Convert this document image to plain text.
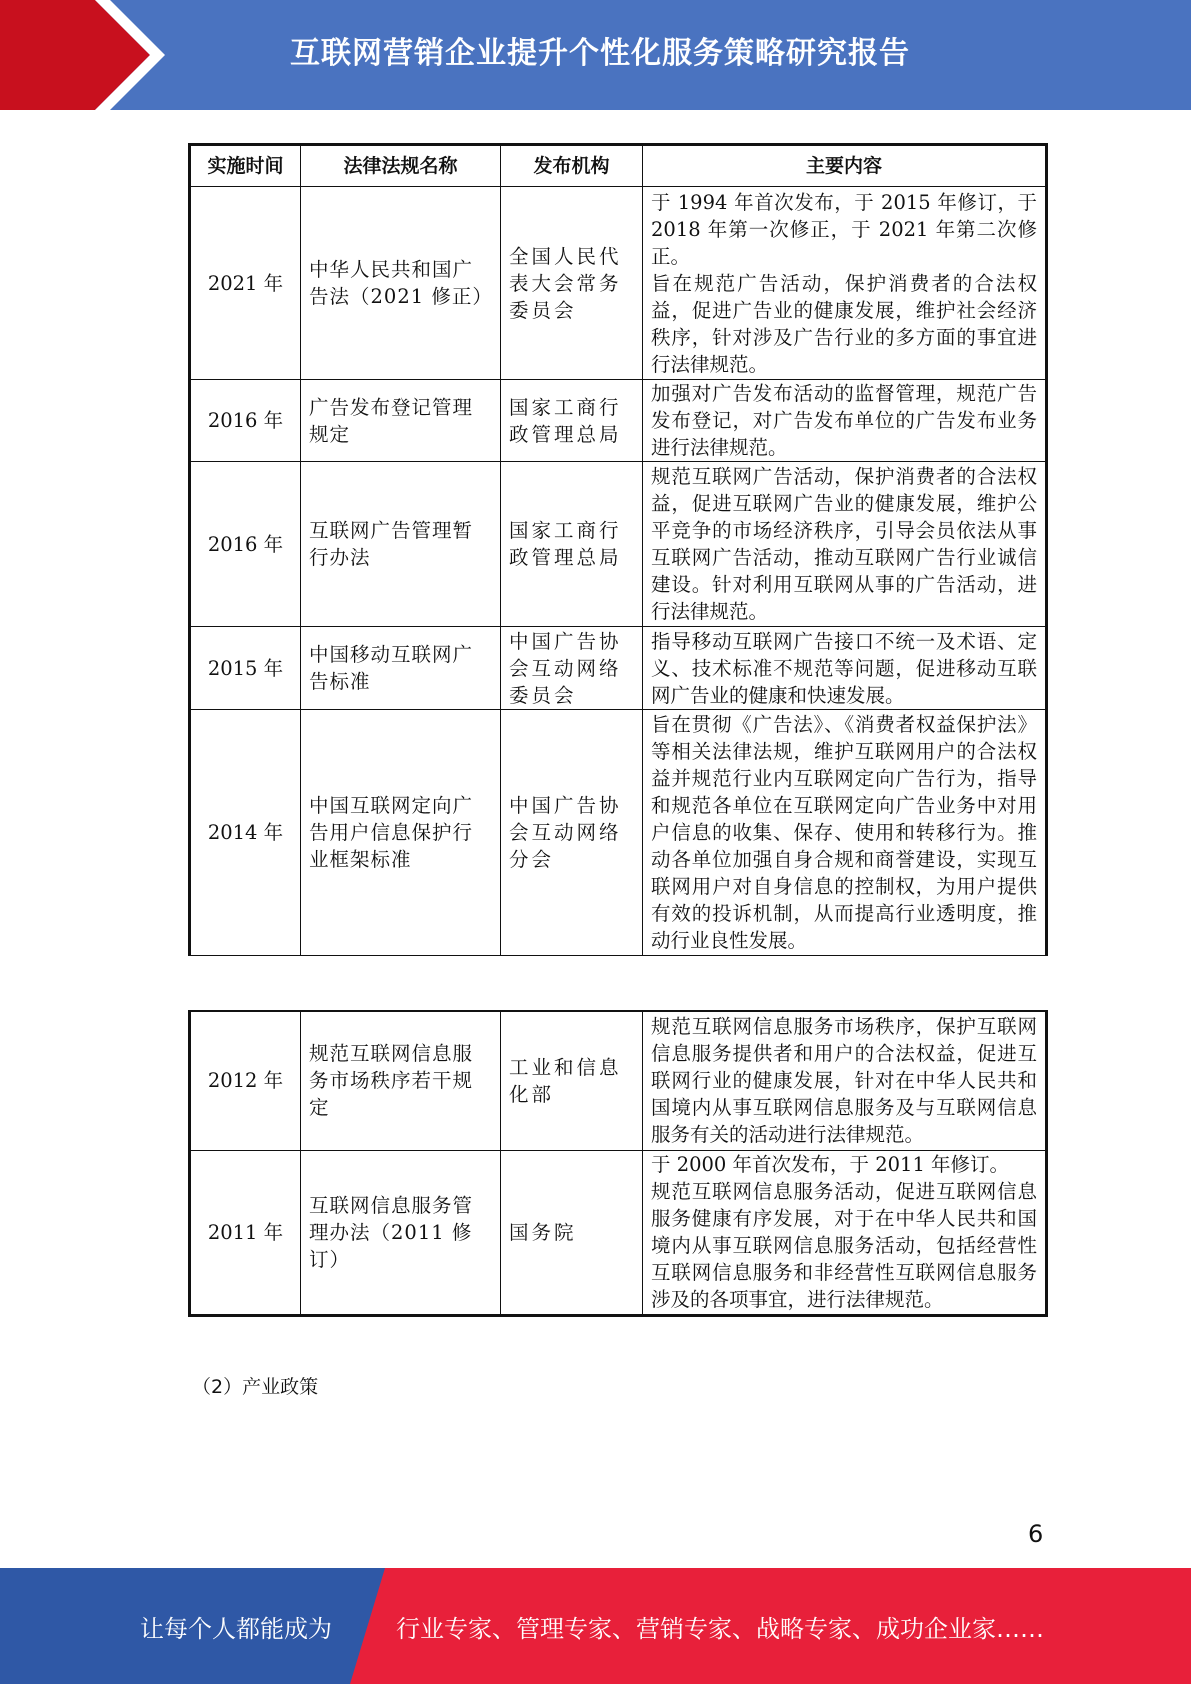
互联网营销企业提升个性化服务策略研究报告
实施时间	法律法规名称	发布机构	主要内容
2021 年	中华人民共和国广告法（2021 修正）	全国人民代表大会常务委员会	于 1994 年首次发布，于 2015 年修订，于 2018 年第一次修正，于 2021 年第二次修正。
旨在规范广告活动，保护消费者的合法权益，促进广告业的健康发展，维护社会经济秩序，针对涉及广告行业的多方面的事宜进行法律规范。
2016 年	广告发布登记管理规定	国家工商行政管理总局	加强对广告发布活动的监督管理，规范广告发布登记，对广告发布单位的广告发布业务进行法律规范。
2016 年	互联网广告管理暂行办法	国家工商行政管理总局	规范互联网广告活动，保护消费者的合法权益，促进互联网广告业的健康发展，维护公平竞争的市场经济秩序，引导会员依法从事互联网广告活动，推动互联网广告行业诚信建设。针对利用互联网从事的广告活动，进行法律规范。
2015 年	中国移动互联网广告标准	中国广告协会互动网络委员会	指导移动互联网广告接口不统一及术语、定义、技术标准不规范等问题，促进移动互联网广告业的健康和快速发展。
2014 年	中国互联网定向广告用户信息保护行业框架标准	中国广告协会互动网络分会	旨在贯彻《广告法》、《消费者权益保护法》等相关法律法规，维护互联网用户的合法权益并规范行业内互联网定向广告行为，指导和规范各单位在互联网定向广告业务中对用户信息的收集、保存、使用和转移行为。推动各单位加强自身合规和商誉建设，实现互联网用户对自身信息的控制权，为用户提供有效的投诉机制，从而提高行业透明度，推动行业良性发展。
2012 年	规范互联网信息服务市场秩序若干规定	工业和信息化部	规范互联网信息服务市场秩序，保护互联网信息服务提供者和用户的合法权益，促进互联网行业的健康发展，针对在中华人民共和国境内从事互联网信息服务及与互联网信息服务有关的活动进行法律规范。
2011 年	互联网信息服务管理办法（2011 修订）	国务院	于 2000 年首次发布，于 2011 年修订。
规范互联网信息服务活动，促进互联网信息服务健康有序发展，对于在中华人民共和国境内从事互联网信息服务活动，包括经营性互联网信息服务和非经营性互联网信息服务涉及的各项事宜，进行法律规范。
（2）产业政策
6
让每个人都能成为	行业专家、管理专家、营销专家、战略专家、成功企业家……
